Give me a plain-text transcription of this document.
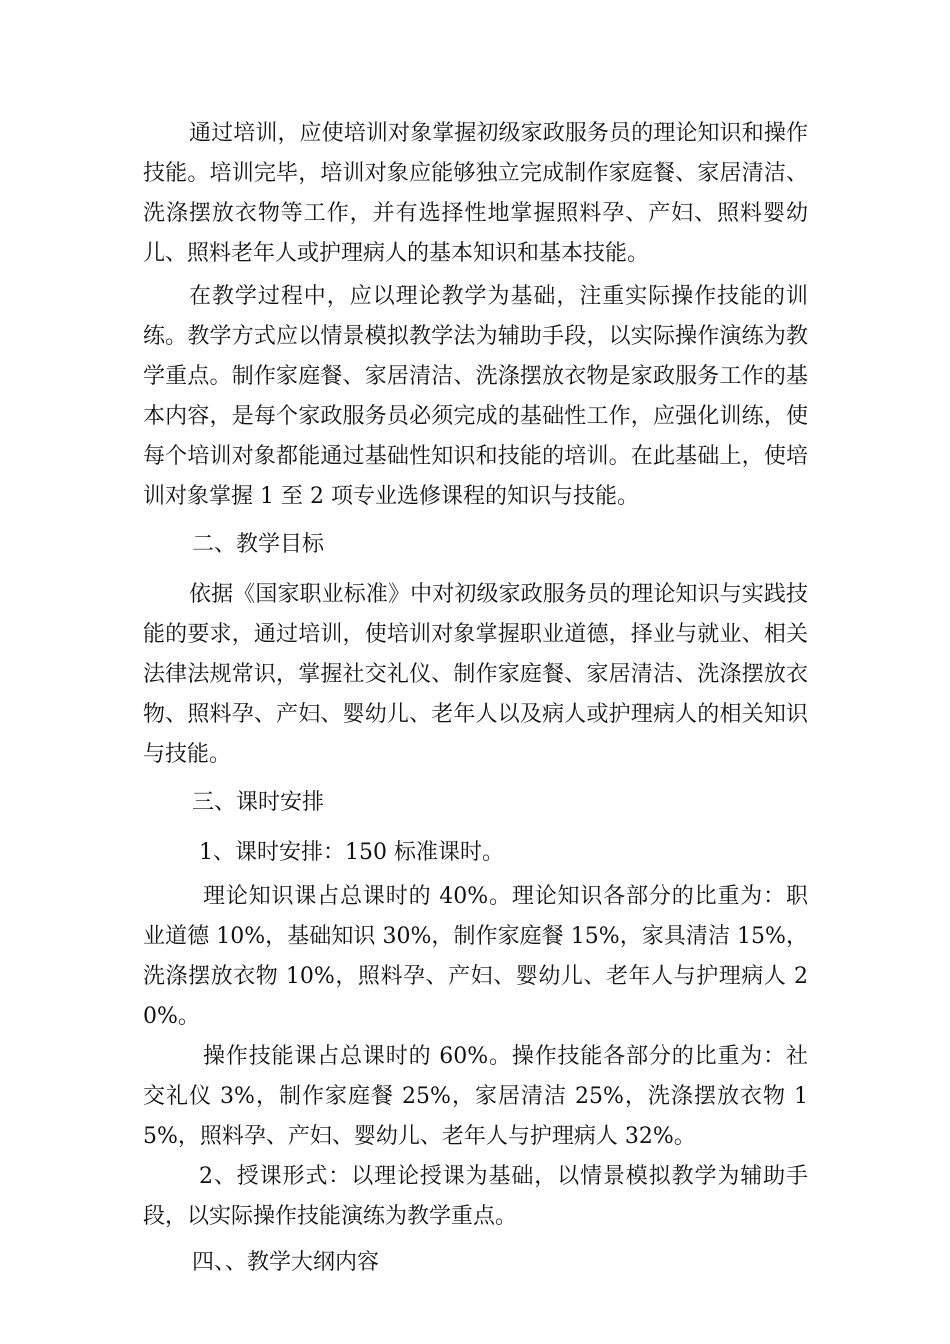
通过培训，应使培训对象掌握初级家政服务员的理论知识和操作技能。培训完毕，培训对象应能够独立完成制作家庭餐、家居清洁、洗涤摆放衣物等工作，并有选择性地掌握照料孕、产妇、照料婴幼儿、照料老年人或护理病人的基本知识和基本技能。

在教学过程中，应以理论教学为基础，注重实际操作技能的训练。教学方式应以情景模拟教学法为辅助手段，以实际操作演练为教学重点。制作家庭餐、家居清洁、洗涤摆放衣物是家政服务工作的基本内容，是每个家政服务员必须完成的基础性工作，应强化训练，使每个培训对象都能通过基础性知识和技能的培训。在此基础上，使培训对象掌握 1 至 2 项专业选修课程的知识与技能。

二、教学目标

依据《国家职业标准》中对初级家政服务员的理论知识与实践技能的要求，通过培训，使培训对象掌握职业道德，择业与就业、相关法律法规常识，掌握社交礼仪、制作家庭餐、家居清洁、洗涤摆放衣物、照料孕、产妇、婴幼儿、老年人以及病人或护理病人的相关知识与技能。

三、课时安排

1、课时安排：150 标准课时。

理论知识课占总课时的 40%。理论知识各部分的比重为：职业道德 10%，基础知识 30%，制作家庭餐 15%，家具清洁 15%，洗涤摆放衣物 10%，照料孕、产妇、婴幼儿、老年人与护理病人 20%。

操作技能课占总课时的 60%。操作技能各部分的比重为：社交礼仪 3%，制作家庭餐 25%，家居清洁 25%，洗涤摆放衣物 15%，照料孕、产妇、婴幼儿、老年人与护理病人 32%。

2、授课形式：以理论授课为基础，以情景模拟教学为辅助手段，以实际操作技能演练为教学重点。

四、、教学大纲内容
